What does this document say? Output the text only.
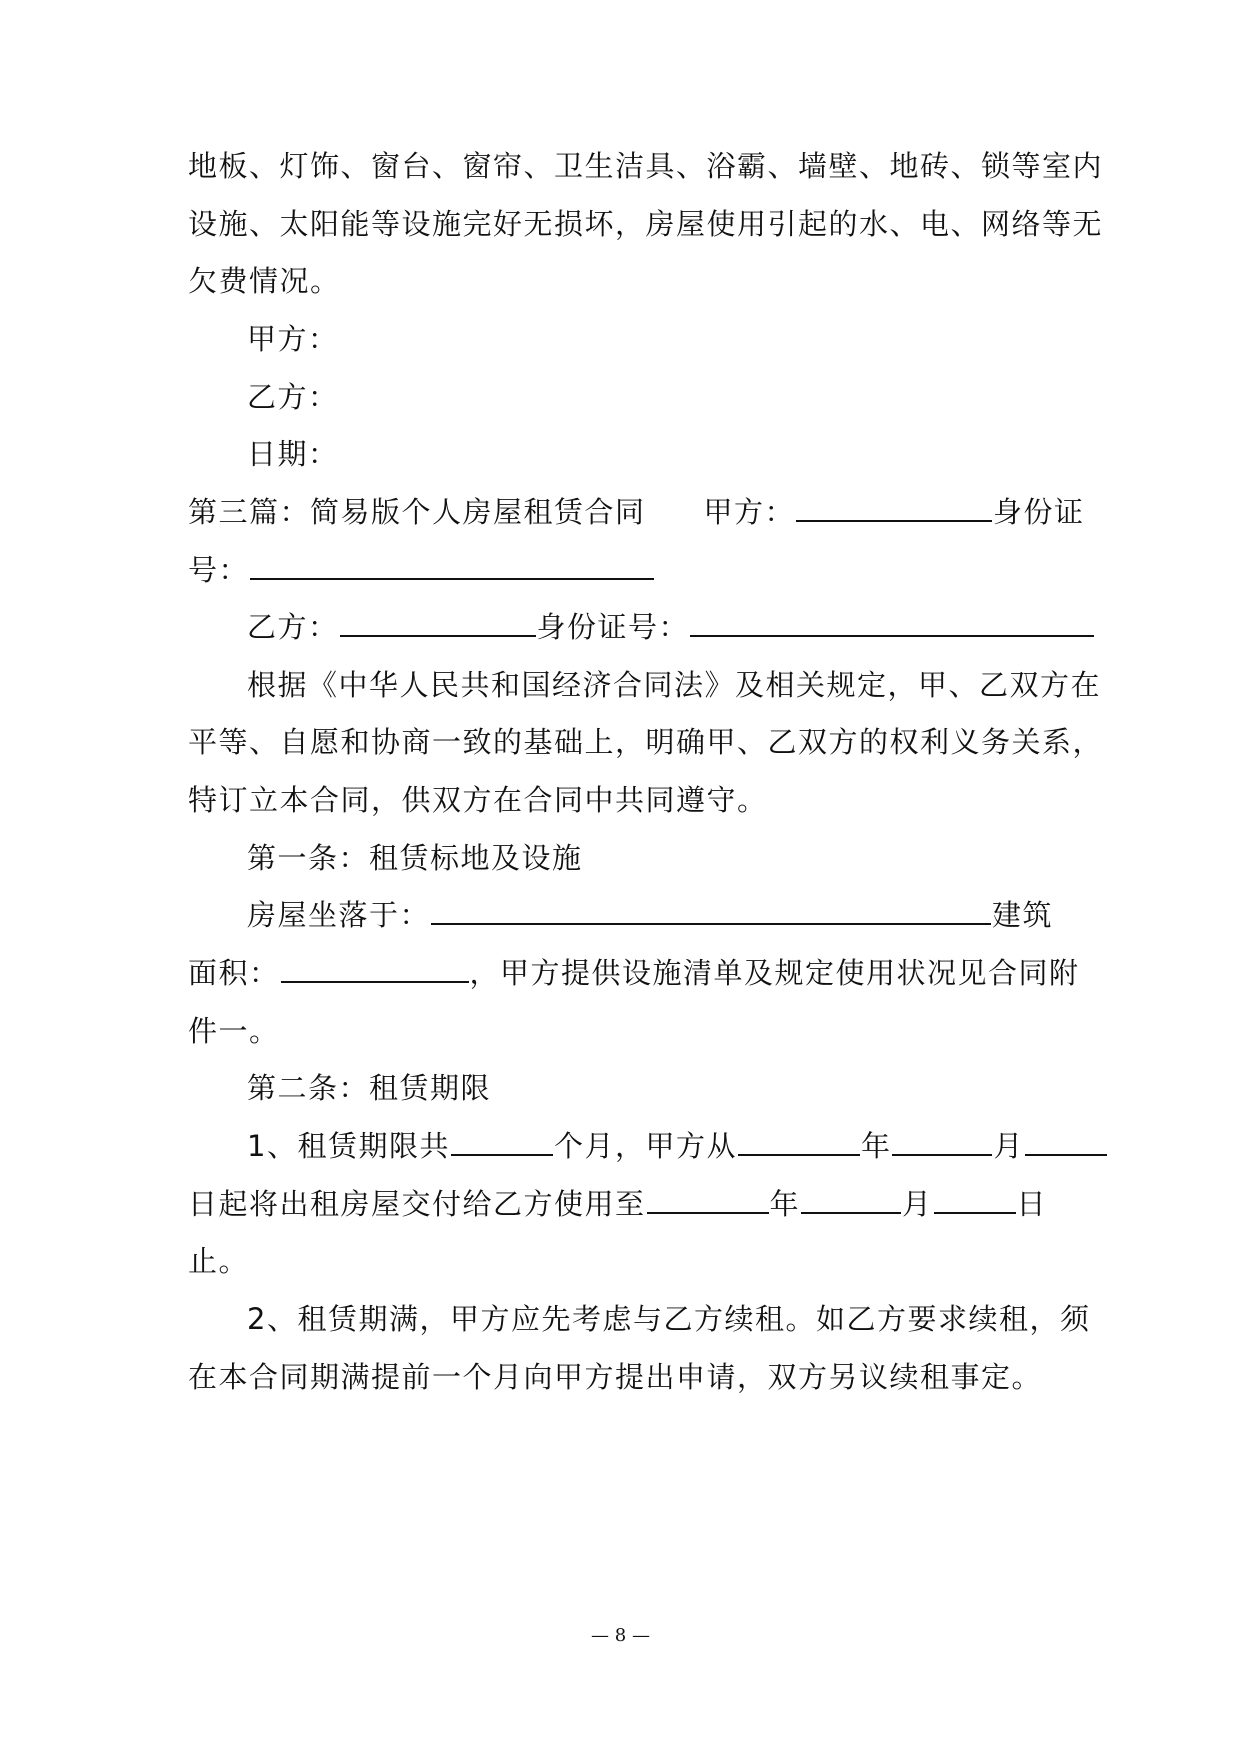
地板、灯饰、窗台、窗帘、卫生洁具、浴霸、墙壁、地砖、锁等室内
设施、太阳能等设施完好无损坏，房屋使用引起的水、电、网络等无
欠费情况。
甲方：
乙方：
日期：
第三篇：简易版个人房屋租赁合同 甲方：	身份证
号：
乙方：	身份证号：
根据《中华人民共和国经济合同法》及相关规定，甲、乙双方在
平等、自愿和协商一致的基础上，明确甲、乙双方的权利义务关系，
特订立本合同，供双方在合同中共同遵守。
第一条：租赁标地及设施
房屋坐落于：	建筑
面积：	，甲方提供设施清单及规定使用状况见合同附
件一。
第二条：租赁期限
1、租赁期限共	个月，甲方从	年	月
日起将出租房屋交付给乙方使用至	年	月	日
止。
2、租赁期满，甲方应先考虑与乙方续租。如乙方要求续租，须
在本合同期满提前一个月向甲方提出申请，双方另议续租事定。
— 8 —
